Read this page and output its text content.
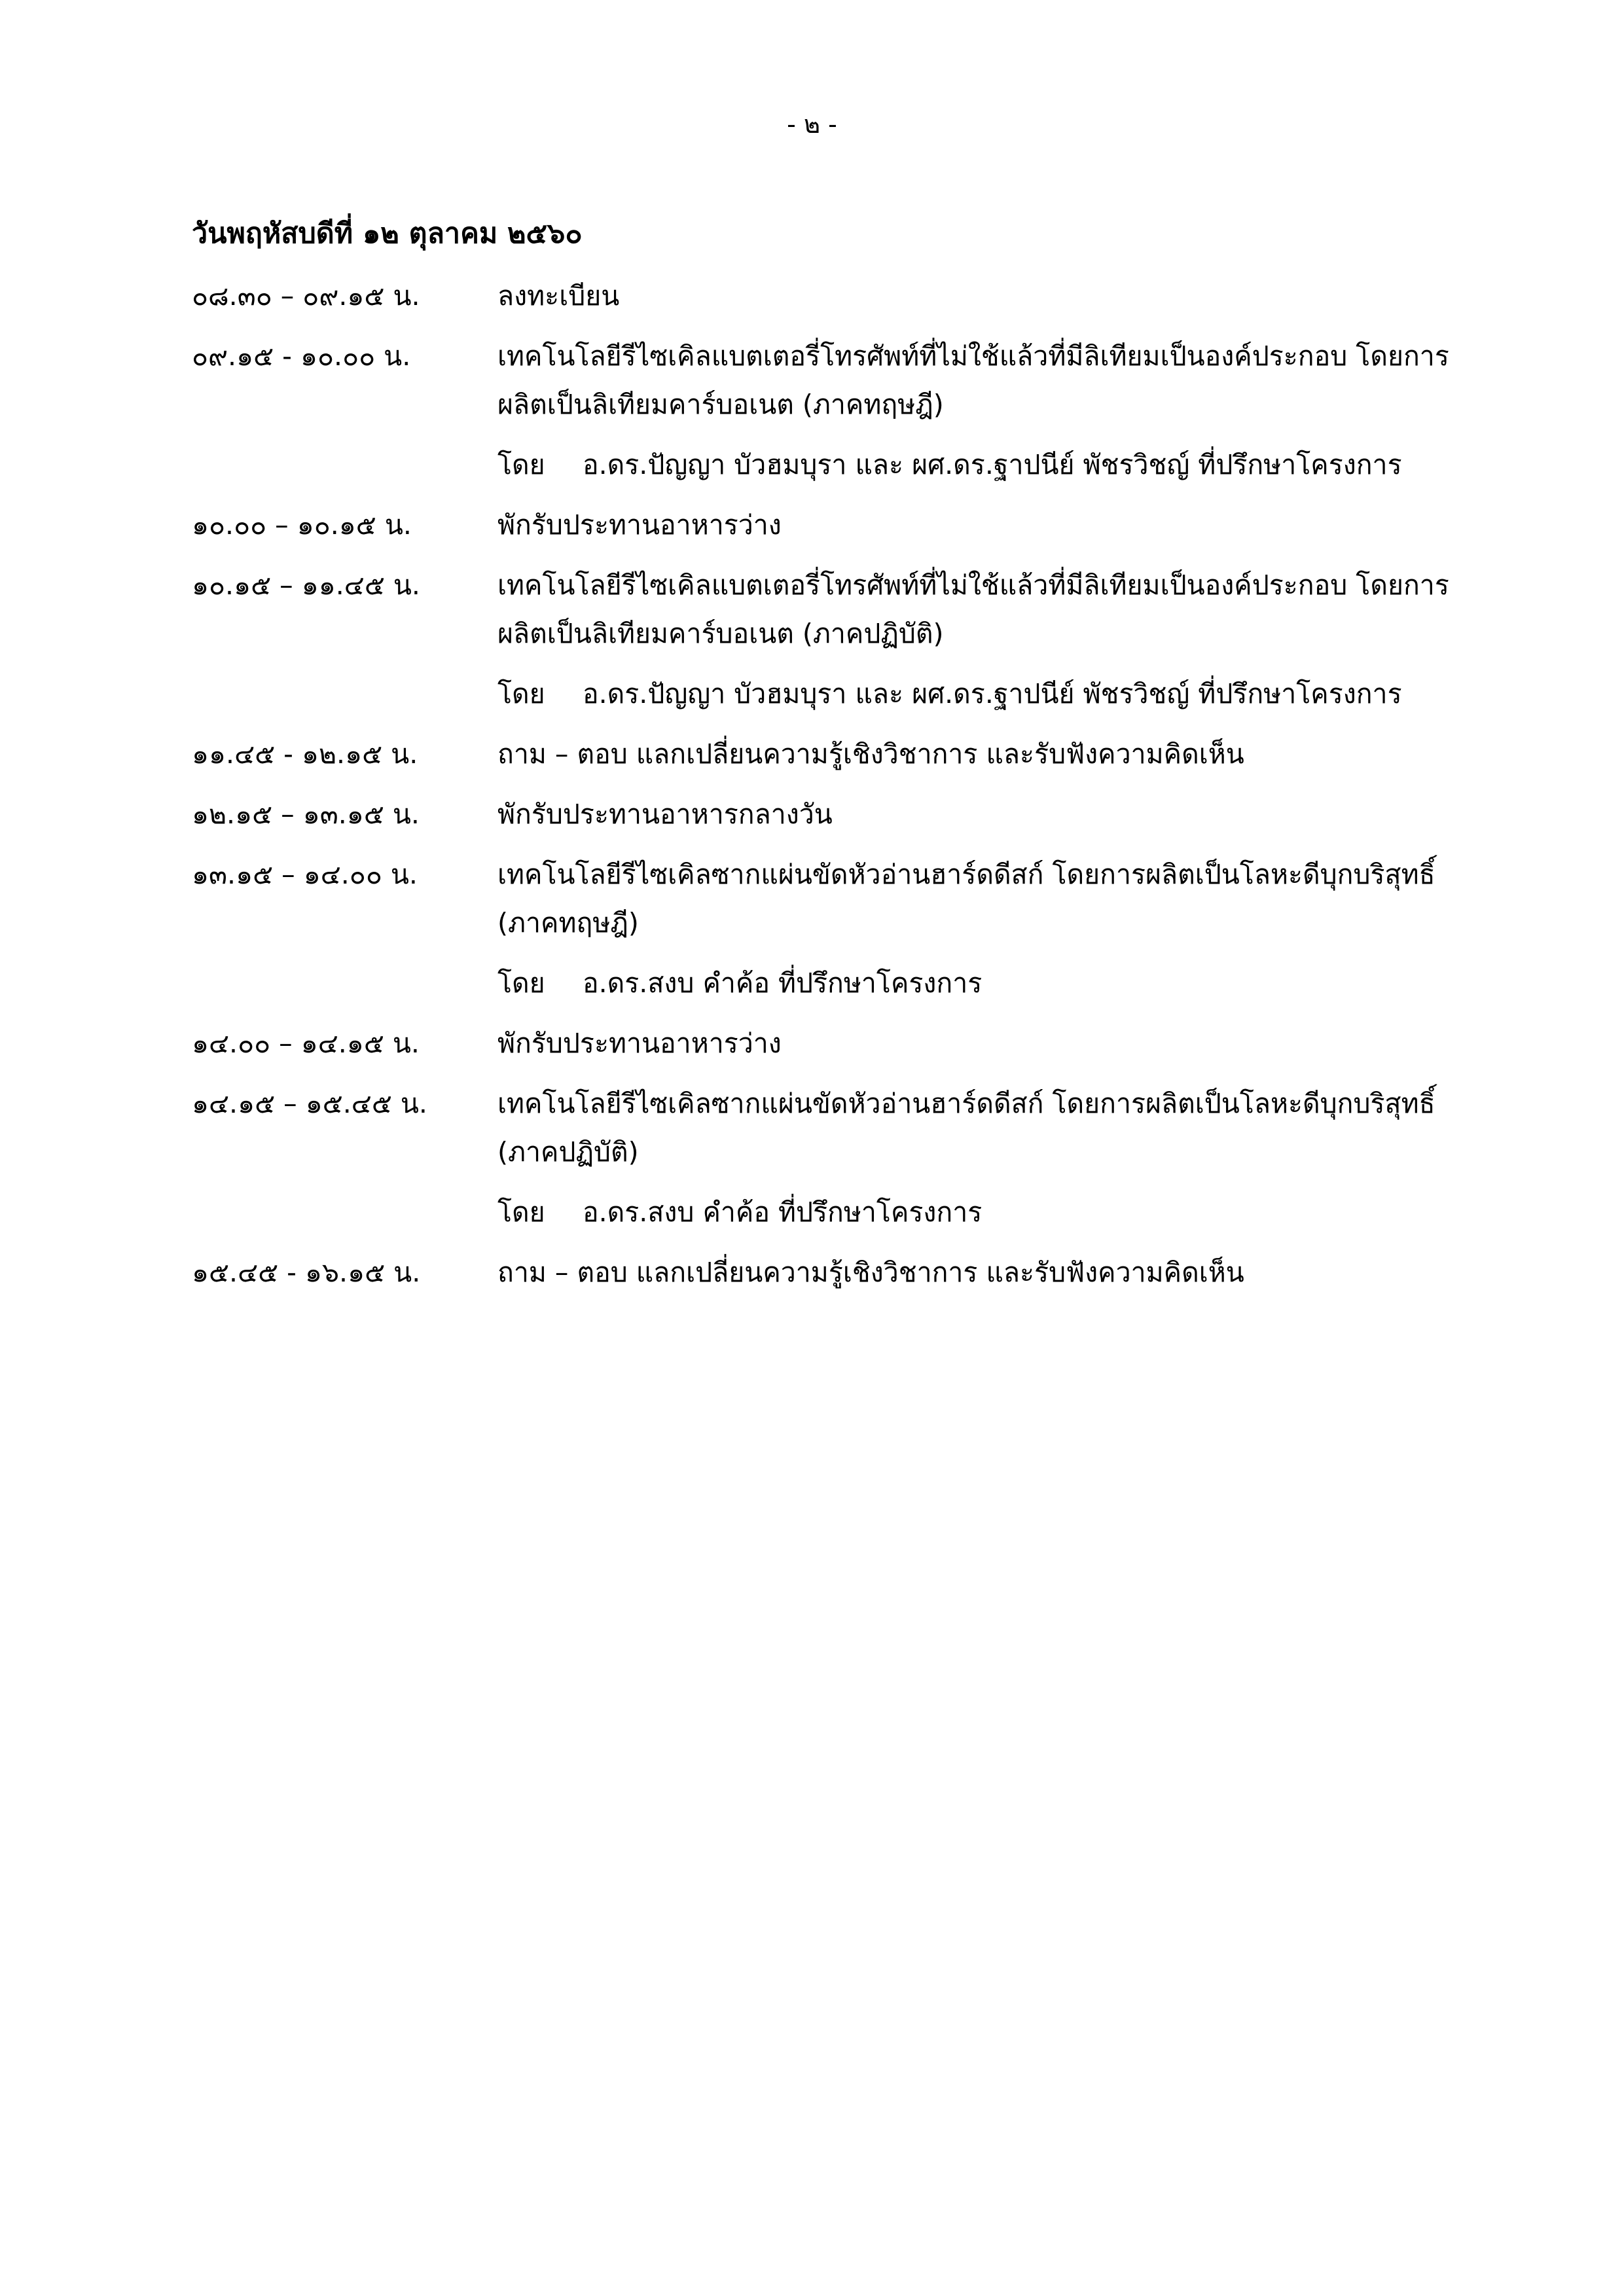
- ๒ -
วันพฤหัสบดีที่ ๑๒ ตุลาคม ๒๕๖๐
๐๘.๓๐ – ๐๙.๑๕ น.	ลงทะเบียน
๐๙.๑๕ - ๑๐.๐๐ น.	เทคโนโลยีรีไซเคิลแบตเตอรี่โทรศัพท์ที่ไม่ใช้แล้วที่มีลิเทียมเป็นองค์ประกอบ โดยการผลิตเป็นลิเทียมคาร์บอเนต (ภาคทฤษฎี)
โดย อ.ดร.ปัญญา บัวฮมบุรา และ ผศ.ดร.ฐาปนีย์ พัชรวิชญ์ ที่ปรึกษาโครงการ
๑๐.๐๐ – ๑๐.๑๕ น.	พักรับประทานอาหารว่าง
๑๐.๑๕ – ๑๑.๔๕ น.	เทคโนโลยีรีไซเคิลแบตเตอรี่โทรศัพท์ที่ไม่ใช้แล้วที่มีลิเทียมเป็นองค์ประกอบ โดยการผลิตเป็นลิเทียมคาร์บอเนต (ภาคปฏิบัติ)
โดย อ.ดร.ปัญญา บัวฮมบุรา และ ผศ.ดร.ฐาปนีย์ พัชรวิชญ์ ที่ปรึกษาโครงการ
๑๑.๔๕ - ๑๒.๑๕ น.	ถาม – ตอบ แลกเปลี่ยนความรู้เชิงวิชาการ และรับฟังความคิดเห็น
๑๒.๑๕ – ๑๓.๑๕ น.	พักรับประทานอาหารกลางวัน
๑๓.๑๕ – ๑๔.๐๐ น.	เทคโนโลยีรีไซเคิลซากแผ่นขัดหัวอ่านฮาร์ดดีสก์ โดยการผลิตเป็นโลหะดีบุกบริสุทธิ์ (ภาคทฤษฎี)
โดย อ.ดร.สงบ คำค้อ ที่ปรึกษาโครงการ
๑๔.๐๐ – ๑๔.๑๕ น.	พักรับประทานอาหารว่าง
๑๔.๑๕ – ๑๕.๔๕ น.	เทคโนโลยีรีไซเคิลซากแผ่นขัดหัวอ่านฮาร์ดดีสก์ โดยการผลิตเป็นโลหะดีบุกบริสุทธิ์ (ภาคปฏิบัติ)
โดย อ.ดร.สงบ คำค้อ ที่ปรึกษาโครงการ
๑๕.๔๕ - ๑๖.๑๕ น.	ถาม – ตอบ แลกเปลี่ยนความรู้เชิงวิชาการ และรับฟังความคิดเห็น
